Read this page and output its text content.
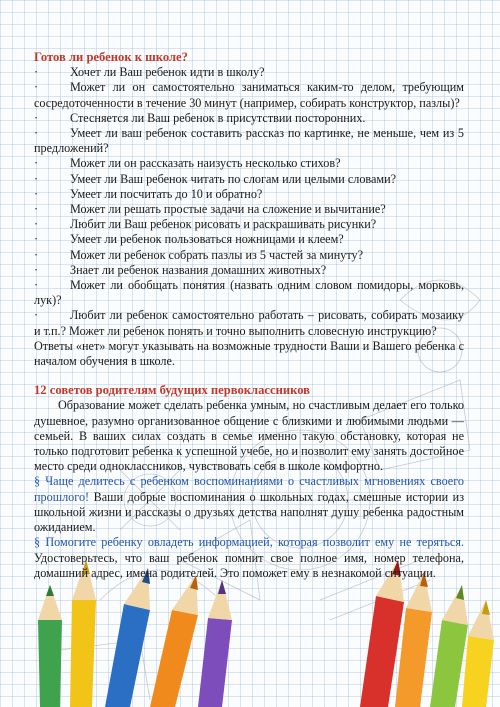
Готов ли ребенок к школе?
·	Хочет ли Ваш ребенок идти в школу?
·	Может ли он самостоятельно заниматься каким-то делом, требующим сосредоточенности в течение 30 минут (например, собирать конструктор, пазлы)?
·	Стесняется ли Ваш ребенок в присутствии посторонних.
·	Умеет ли ваш ребенок составить рассказ по картинке, не меньше, чем из 5 предложений?
·	Может ли он рассказать наизусть несколько стихов?
·	Умеет ли Ваш ребенок читать по слогам или целыми словами?
·	Умеет ли посчитать до 10 и обратно?
·	Может ли решать простые задачи на сложение и вычитание?
·	Любит ли Ваш ребенок рисовать и раскрашивать рисунки?
·	Умеет ли ребенок пользоваться ножницами и клеем?
·	Может ли ребенок собрать пазлы из 5 частей за минуту?
·	Знает ли ребенок названия домашних животных?
·	Может ли обобщать понятия (назвать одним словом помидоры, морковь, лук)?
·	Любит ли ребенок самостоятельно работать – рисовать, собирать мозаику и т.п.? Может ли ребенок понять и точно выполнить словесную инструкцию?

Ответы «нет» могут указывать на возможные трудности Ваши и Вашего ребенка с началом обучения в школе.

12 советов родителям будущих первоклассников

Образование может сделать ребенка умным, но счастливым делает его только душевное, разумно организованное общение с близкими и любимыми людьми — семьей. В ваших силах создать в семье именно такую обстановку, которая не только подготовит ребенка к успешной учебе, но и позволит ему занять достойное место среди одноклассников, чувствовать себя в школе комфортно.

§ Чаще делитесь с ребенком воспоминаниями о счастливых мгновениях своего прошлого! Ваши добрые воспоминания о школьных годах, смешные истории из школьной жизни и рассказы о друзьях детства наполнят душу ребенка радостным ожиданием.

§ Помогите ребенку овладеть информацией, которая позволит ему не теряться. Удостоверьтесь, что ваш ребенок помнит свое полное имя, номер телефона, домашний адрес, имена родителей. Это поможет ему в незнакомой ситуации.
